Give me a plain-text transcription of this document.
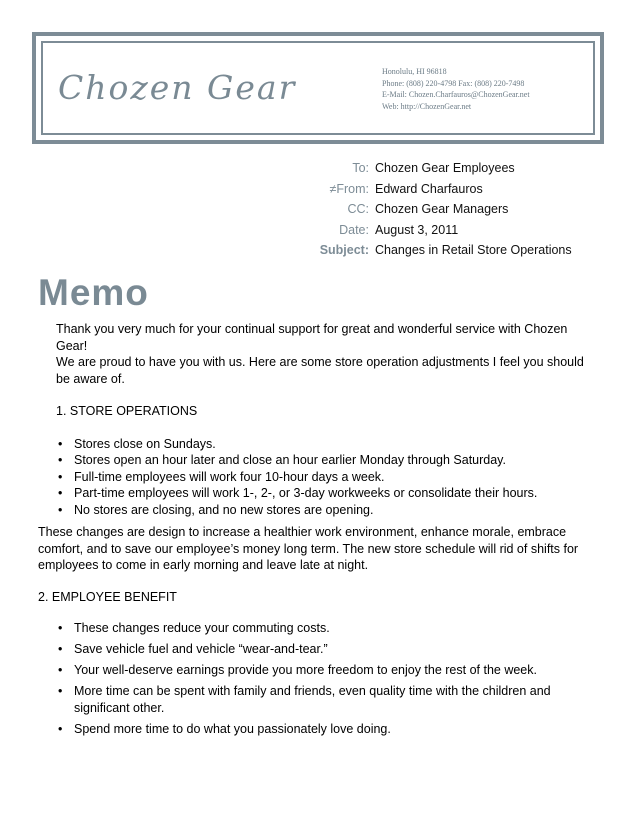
Chozen Gear	Honolulu, HI 96818
Phone: (808) 220-4798 Fax: (808) 220-7498
E-Mail: Chozen.Charfauros@ChozenGear.net
Web: http://ChozenGear.net
To: Chozen Gear Employees
≠From: Edward Charfauros
CC: Chozen Gear Managers
Date: August 3, 2011
Subject: Changes in Retail Store Operations
Memo

Thank you very much for your continual support for great and wonderful service with Chozen Gear!

We are proud to have you with us. Here are some store operation adjustments I feel you should be aware of.

1. STORE OPERATIONS

• Stores close on Sundays.
• Stores open an hour later and close an hour earlier Monday through Saturday.
• Full-time employees will work four 10-hour days a week.
• Part-time employees will work 1-, 2-, or 3-day workweeks or consolidate their hours.
• No stores are closing, and no new stores are opening.

These changes are design to increase a healthier work environment, enhance morale, embrace comfort, and to save our employee’s money long term. The new store schedule will rid of shifts for employees to come in early morning and leave late at night.

2. EMPLOYEE BENEFIT

• These changes reduce your commuting costs.
• Save vehicle fuel and vehicle “wear-and-tear.”
• Your well-deserve earnings provide you more freedom to enjoy the rest of the week.
• More time can be spent with family and friends, even quality time with the children and significant other.
• Spend more time to do what you passionately love doing.
